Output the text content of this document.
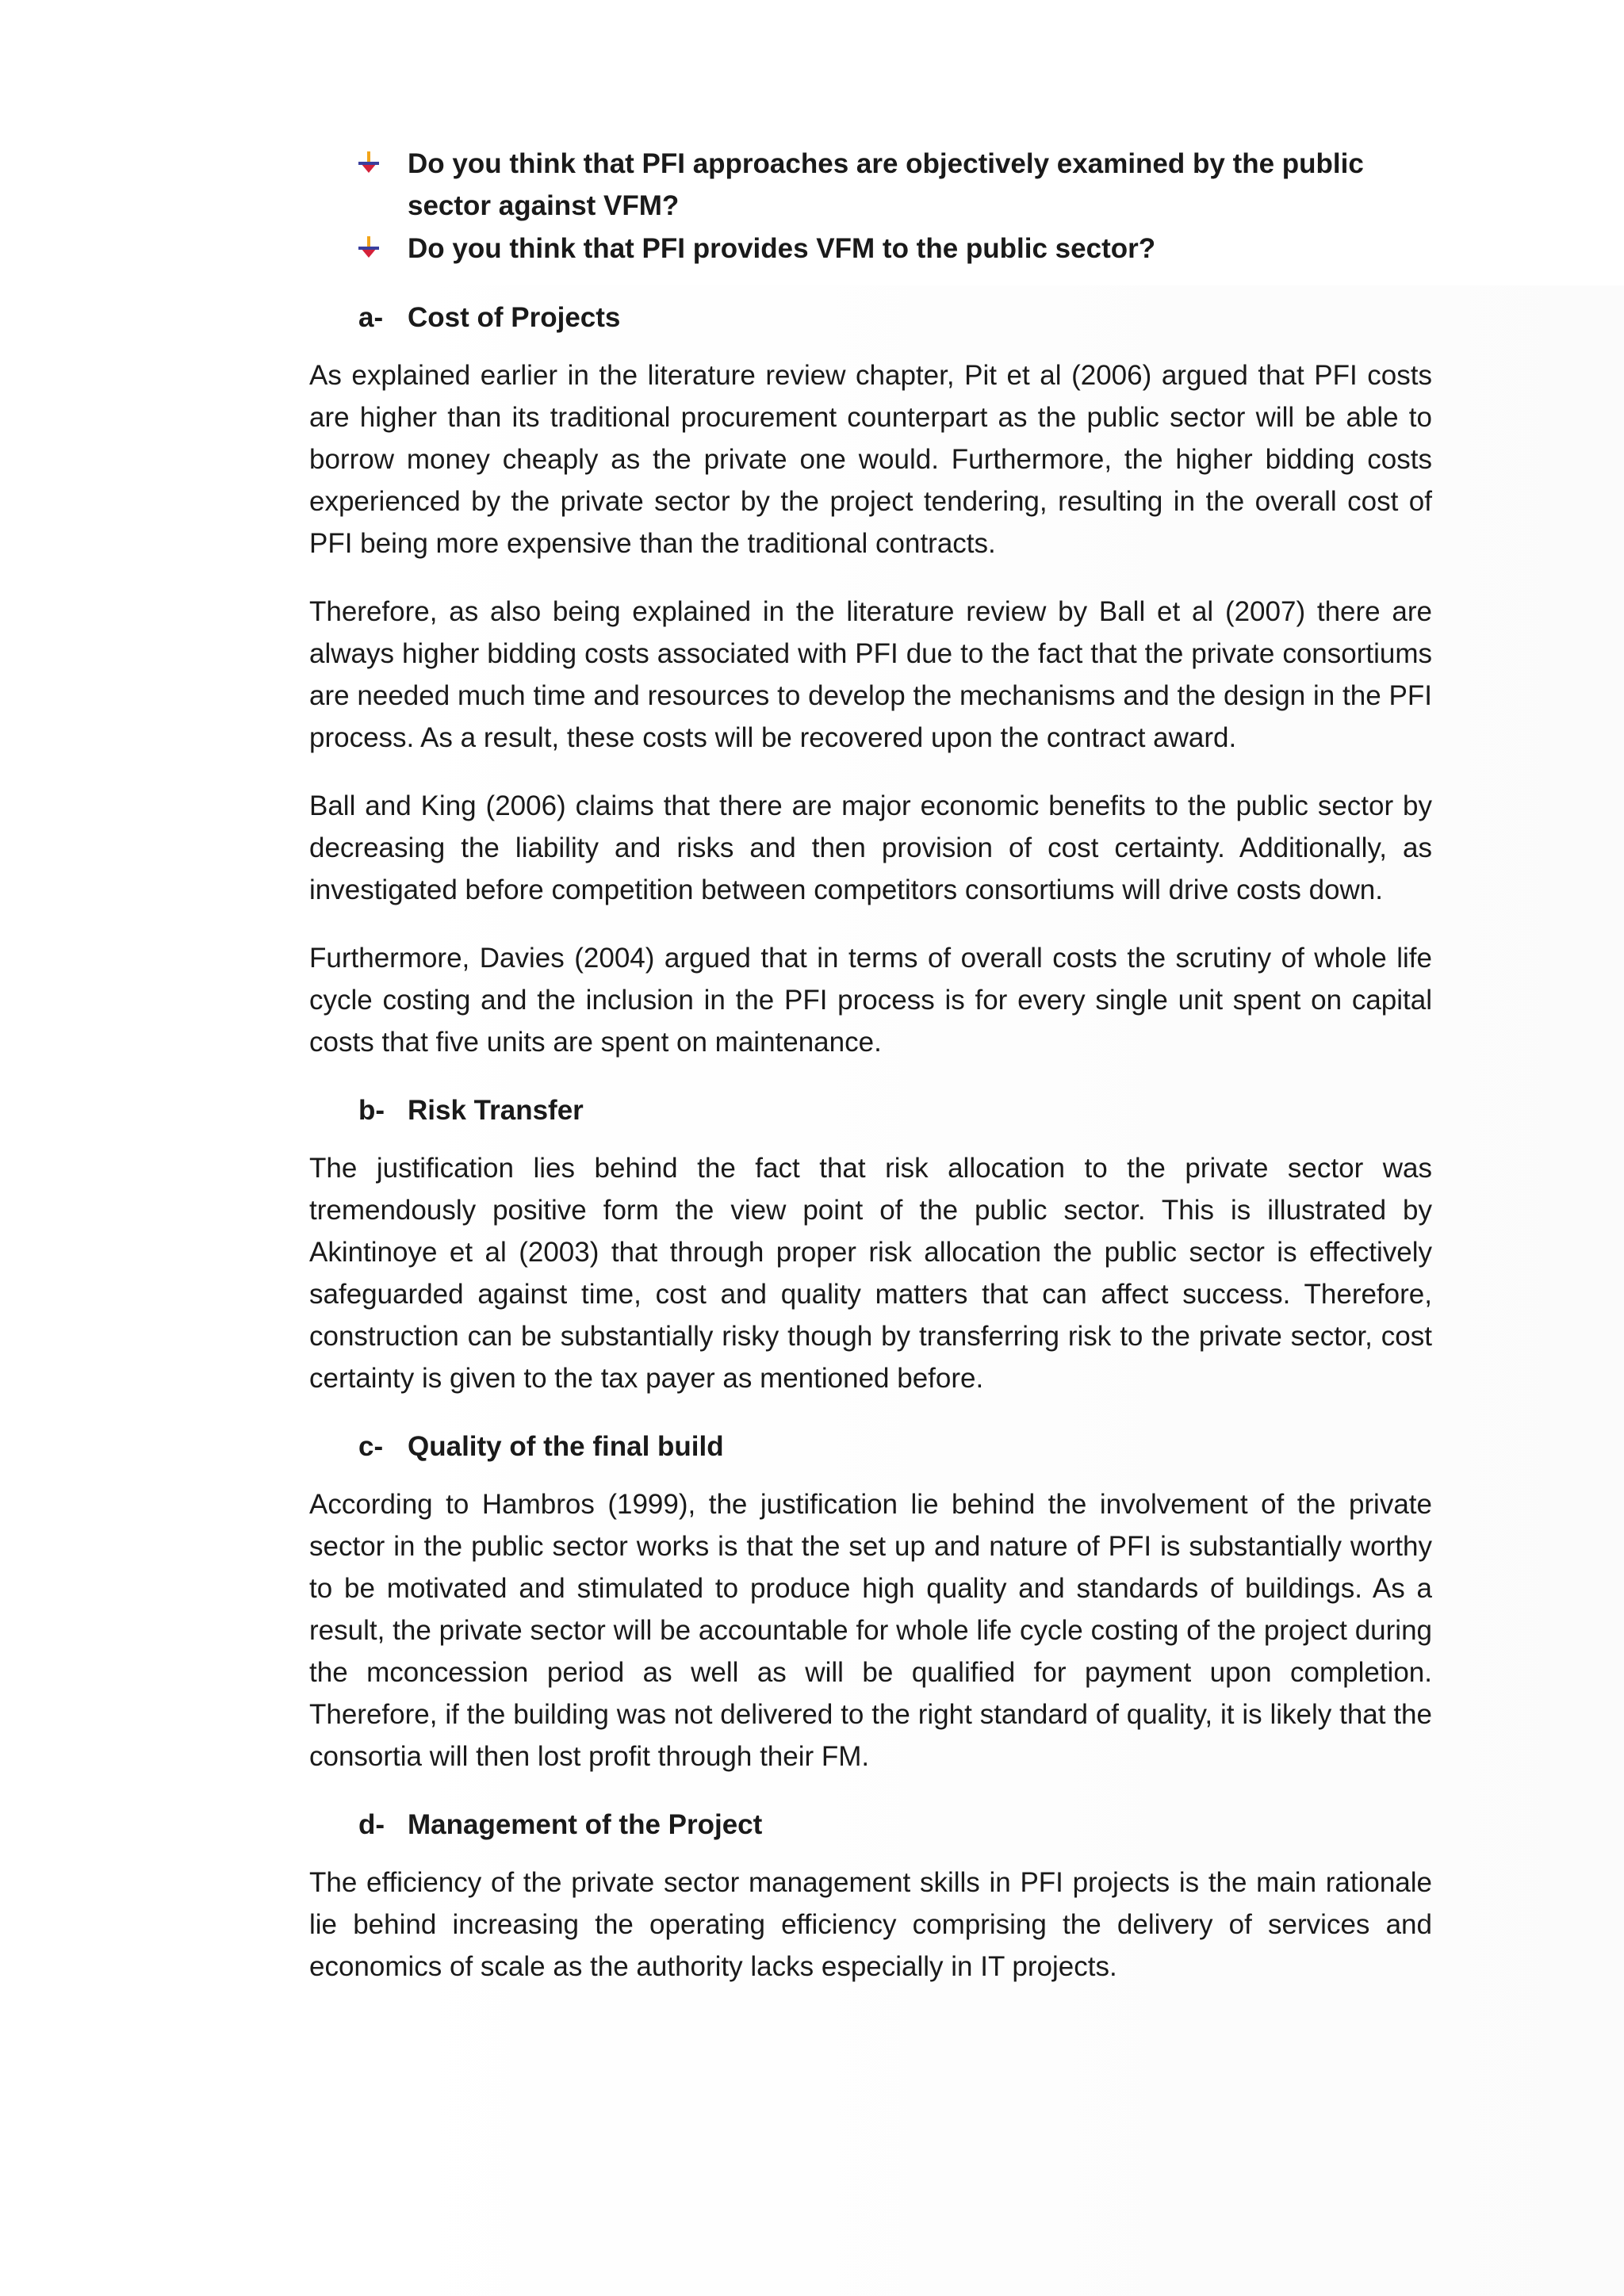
Do you think that PFI approaches are objectively examined by the public sector against VFM?
Do you think that PFI provides VFM to the public sector?
a- Cost of Projects

As explained earlier in the literature review chapter, Pit et al (2006) argued that PFI costs are higher than its traditional procurement counterpart as the public sector will be able to borrow money cheaply as the private one would. Furthermore, the higher bidding costs experienced by the private sector by the project tendering, resulting in the overall cost of PFI being more expensive than the traditional contracts.

Therefore, as also being explained in the literature review by Ball et al (2007) there are always higher bidding costs associated with PFI due to the fact that the private consortiums are needed much time and resources to develop the mechanisms and the design in the PFI process. As a result, these costs will be recovered upon the contract award.

Ball and King (2006) claims that there are major economic benefits to the public sector by decreasing the liability and risks and then provision of cost certainty. Additionally, as investigated before competition between competitors consortiums will drive costs down.

Furthermore, Davies (2004) argued that in terms of overall costs the scrutiny of whole life cycle costing and the inclusion in the PFI process is for every single unit spent on capital costs that five units are spent on maintenance.

b- Risk Transfer

The justification lies behind the fact that risk allocation to the private sector was tremendously positive form the view point of the public sector. This is illustrated by Akintinoye et al (2003) that through proper risk allocation the public sector is effectively safeguarded against time, cost and quality matters that can affect success. Therefore, construction can be substantially risky though by transferring risk to the private sector, cost certainty is given to the tax payer as mentioned before.

c- Quality of the final build

According to Hambros (1999), the justification lie behind the involvement of the private sector in the public sector works is that the set up and nature of PFI is substantially worthy to be motivated and stimulated to produce high quality and standards of buildings. As a result, the private sector will be accountable for whole life cycle costing of the project during the mconcession period as well as will be qualified for payment upon completion. Therefore, if the building was not delivered to the right standard of quality, it is likely that the consortia will then lost profit through their FM.

d- Management of the Project

The efficiency of the private sector management skills in PFI projects is the main rationale lie behind increasing the operating efficiency comprising the delivery of services and economics of scale as the authority lacks especially in IT projects.
